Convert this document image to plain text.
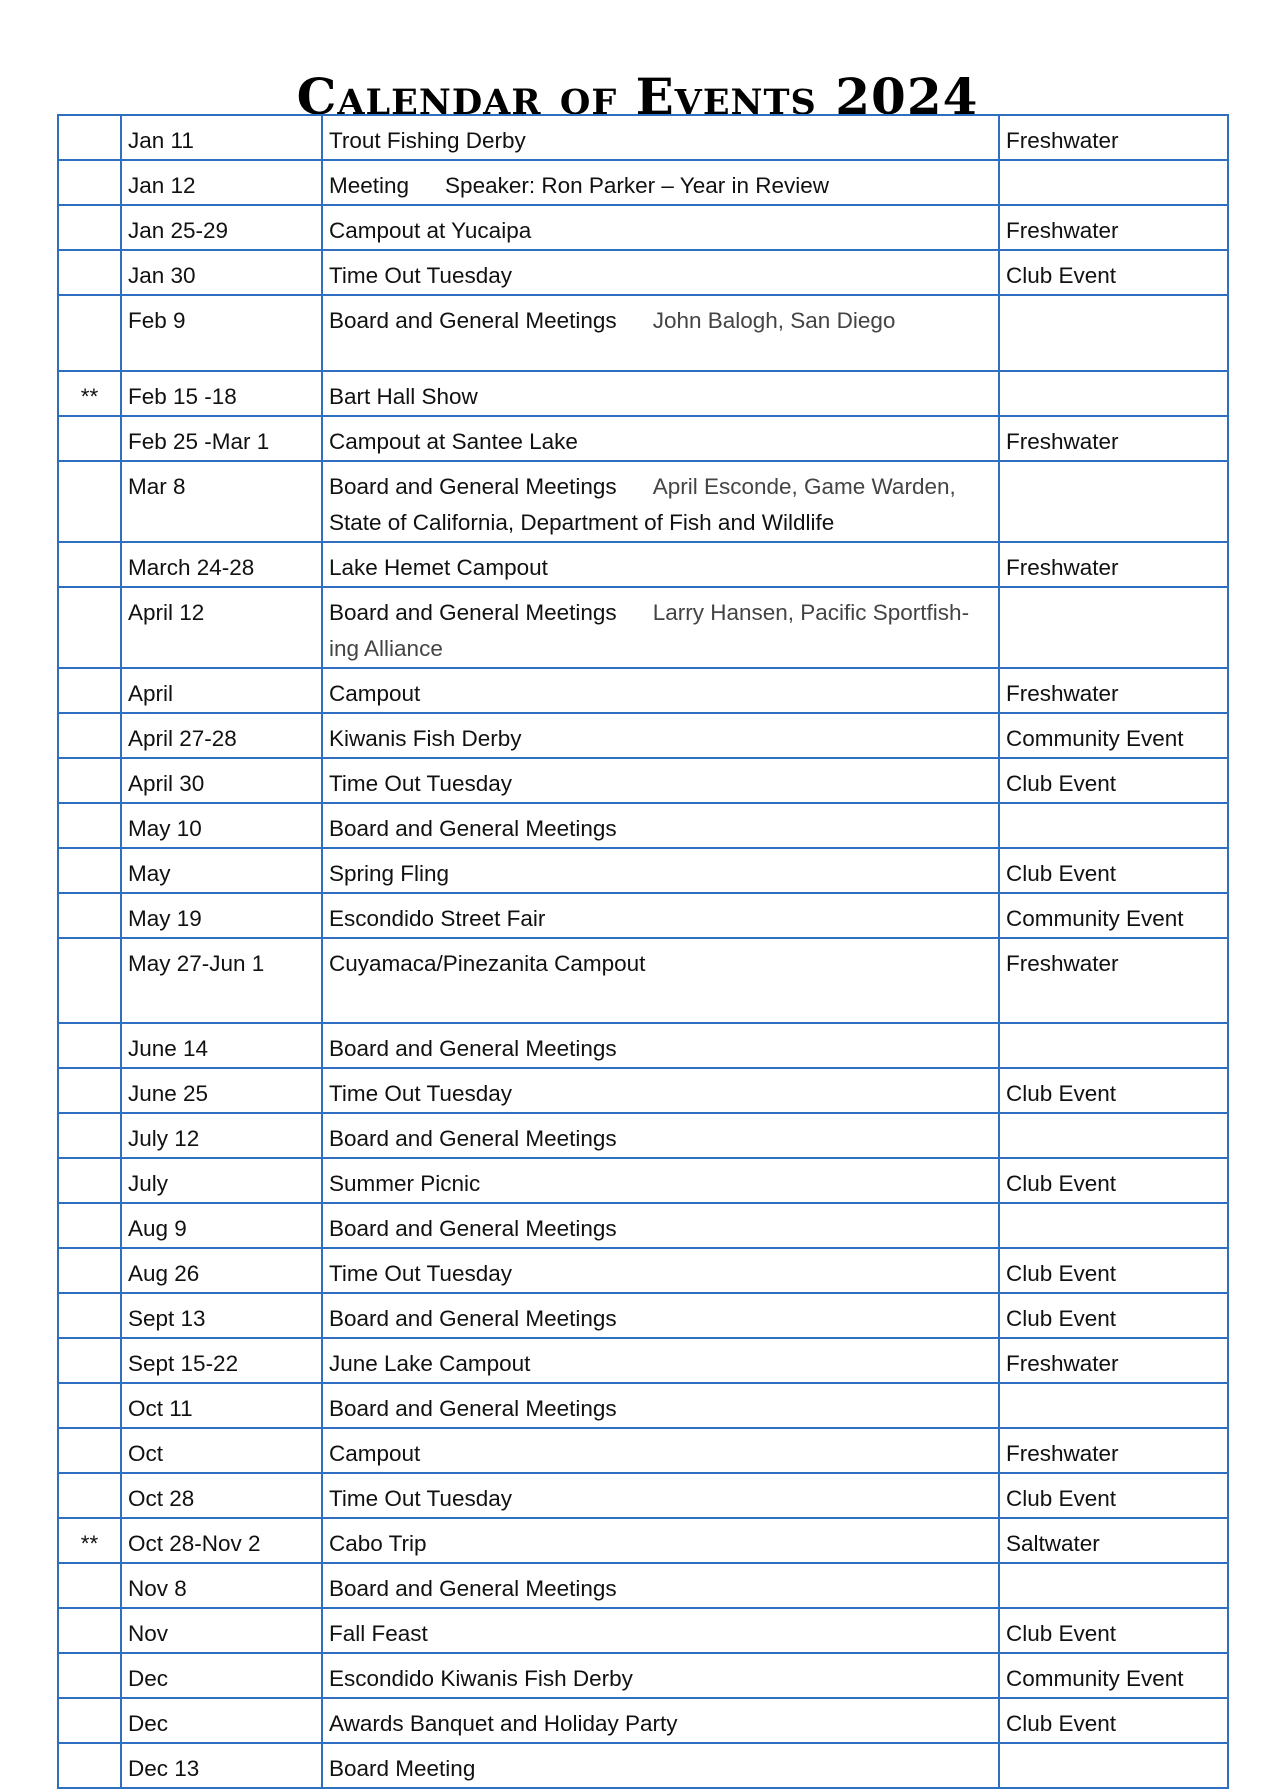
Calendar of Events 2024
	Jan 11	Trout Fishing Derby	Freshwater
	Jan 12	Meeting Speaker: Ron Parker – Year in Review	
	Jan 25-29	Campout at Yucaipa	Freshwater
	Jan 30	Time Out Tuesday	Club Event
	Feb 9	Board and General Meetings John Balogh, San Diego	
**	Feb 15 -18	Bart Hall Show	
	Feb 25 -Mar 1	Campout at Santee Lake	Freshwater
	Mar 8	Board and General Meetings April Esconde, Game Warden,
State of California, Department of Fish and Wildlife	
	March 24-28	Lake Hemet Campout	Freshwater
	April 12	Board and General Meetings Larry Hansen, Pacific Sportfish-
ing Alliance	
	April	Campout	Freshwater
	April 27-28	Kiwanis Fish Derby	Community Event
	April 30	Time Out Tuesday	Club Event
	May 10	Board and General Meetings	
	May	Spring Fling	Club Event
	May 19	Escondido Street Fair	Community Event
	May 27-Jun 1	Cuyamaca/Pinezanita Campout	Freshwater
	June 14	Board and General Meetings	
	June 25	Time Out Tuesday	Club Event
	July 12	Board and General Meetings	
	July	Summer Picnic	Club Event
	Aug 9	Board and General Meetings	
	Aug 26	Time Out Tuesday	Club Event
	Sept 13	Board and General Meetings	Club Event
	Sept 15-22	June Lake Campout	Freshwater
	Oct 11	Board and General Meetings	
	Oct	Campout	Freshwater
	Oct 28	Time Out Tuesday	Club Event
**	Oct 28-Nov 2	Cabo Trip	Saltwater
	Nov 8	Board and General Meetings	
	Nov	Fall Feast	Club Event
	Dec	Escondido Kiwanis Fish Derby	Community Event
	Dec	Awards Banquet and Holiday Party	Club Event
	Dec 13	Board Meeting	
